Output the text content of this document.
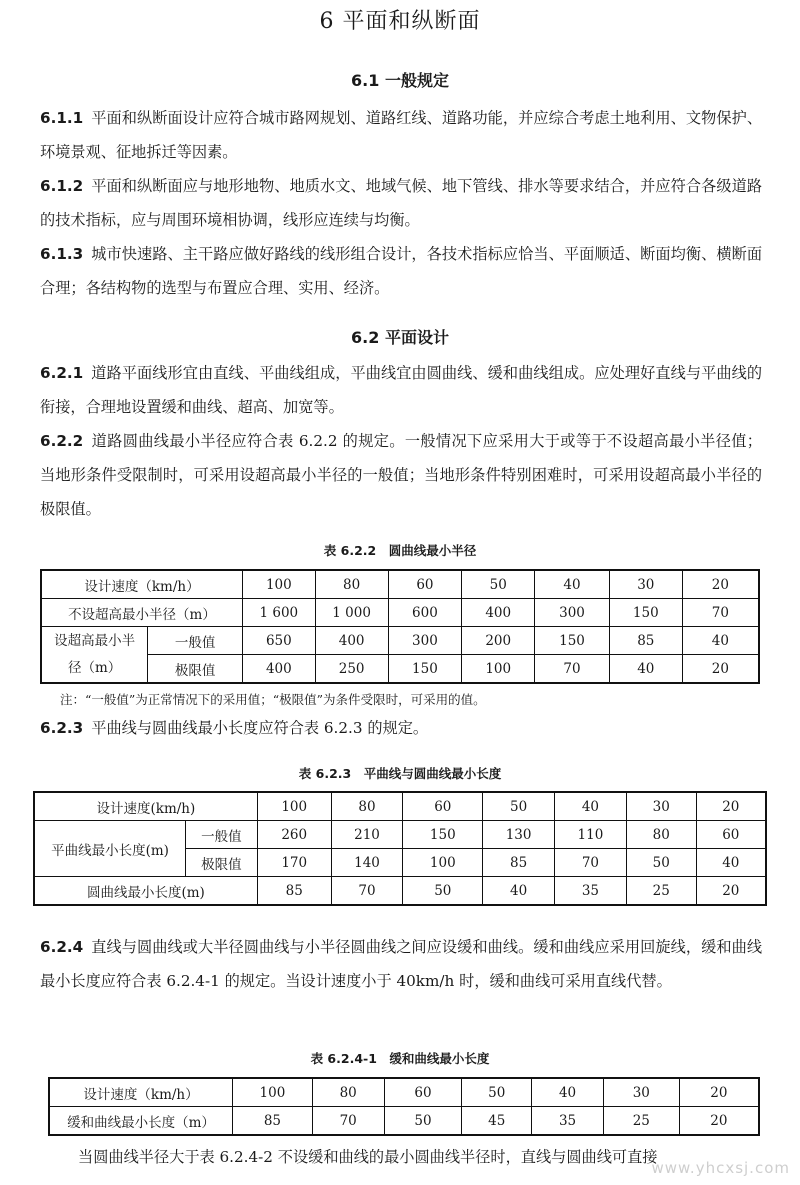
6 平面和纵断面
6.1 一般规定

6.1.1 平面和纵断面设计应符合城市路网规划、道路红线、道路功能，并应综合考虑土地利用、文物保护、环境景观、征地拆迁等因素。

6.1.2 平面和纵断面应与地形地物、地质水文、地域气候、地下管线、排水等要求结合，并应符合各级道路的技术指标，应与周围环境相协调，线形应连续与均衡。

6.1.3 城市快速路、主干路应做好路线的线形组合设计，各技术指标应恰当、平面顺适、断面均衡、横断面合理；各结构物的选型与布置应合理、实用、经济。

6.2 平面设计

6.2.1 道路平面线形宜由直线、平曲线组成，平曲线宜由圆曲线、缓和曲线组成。应处理好直线与平曲线的衔接，合理地设置缓和曲线、超高、加宽等。

6.2.2 道路圆曲线最小半径应符合表 6.2.2 的规定。一般情况下应采用大于或等于不设超高最小半径值；当地形条件受限制时，可采用设超高最小半径的一般值；当地形条件特别困难时，可采用设超高最小半径的极限值。

表 6.2.2　圆曲线最小半径
设计速度（km/h）		100	80	60	50	40	30	20
不设超高最小半径（m）		1 600	1 000	600	400	300	150	70
设超高最小半径（m）	一般值	650	400	300	200	150	85	40
	极限值	400	250	150	100	70	40	20
注：“一般值”为正常情况下的采用值；“极限值”为条件受限时，可采用的值。

6.2.3 平曲线与圆曲线最小长度应符合表 6.2.3 的规定。

表 6.2.3　平曲线与圆曲线最小长度
设计速度(km/h)		100	80	60	50	40	30	20
平曲线最小长度(m)	一般值	260	210	150	130	110	80	60
	极限值	170	140	100	85	70	50	40
圆曲线最小长度(m)		85	70	50	40	35	25	20

6.2.4 直线与圆曲线或大半径圆曲线与小半径圆曲线之间应设缓和曲线。缓和曲线应采用回旋线，缓和曲线最小长度应符合表 6.2.4-1 的规定。当设计速度小于 40km/h 时，缓和曲线可采用直线代替。

表 6.2.4-1　缓和曲线最小长度
设计速度（km/h）	100	80	60	50	40	30	20
缓和曲线最小长度（m）	85	70	50	45	35	25	20
当圆曲线半径大于表 6.2.4-2 不设缓和曲线的最小圆曲线半径时，直线与圆曲线可直接
www.yhcxsj.com
